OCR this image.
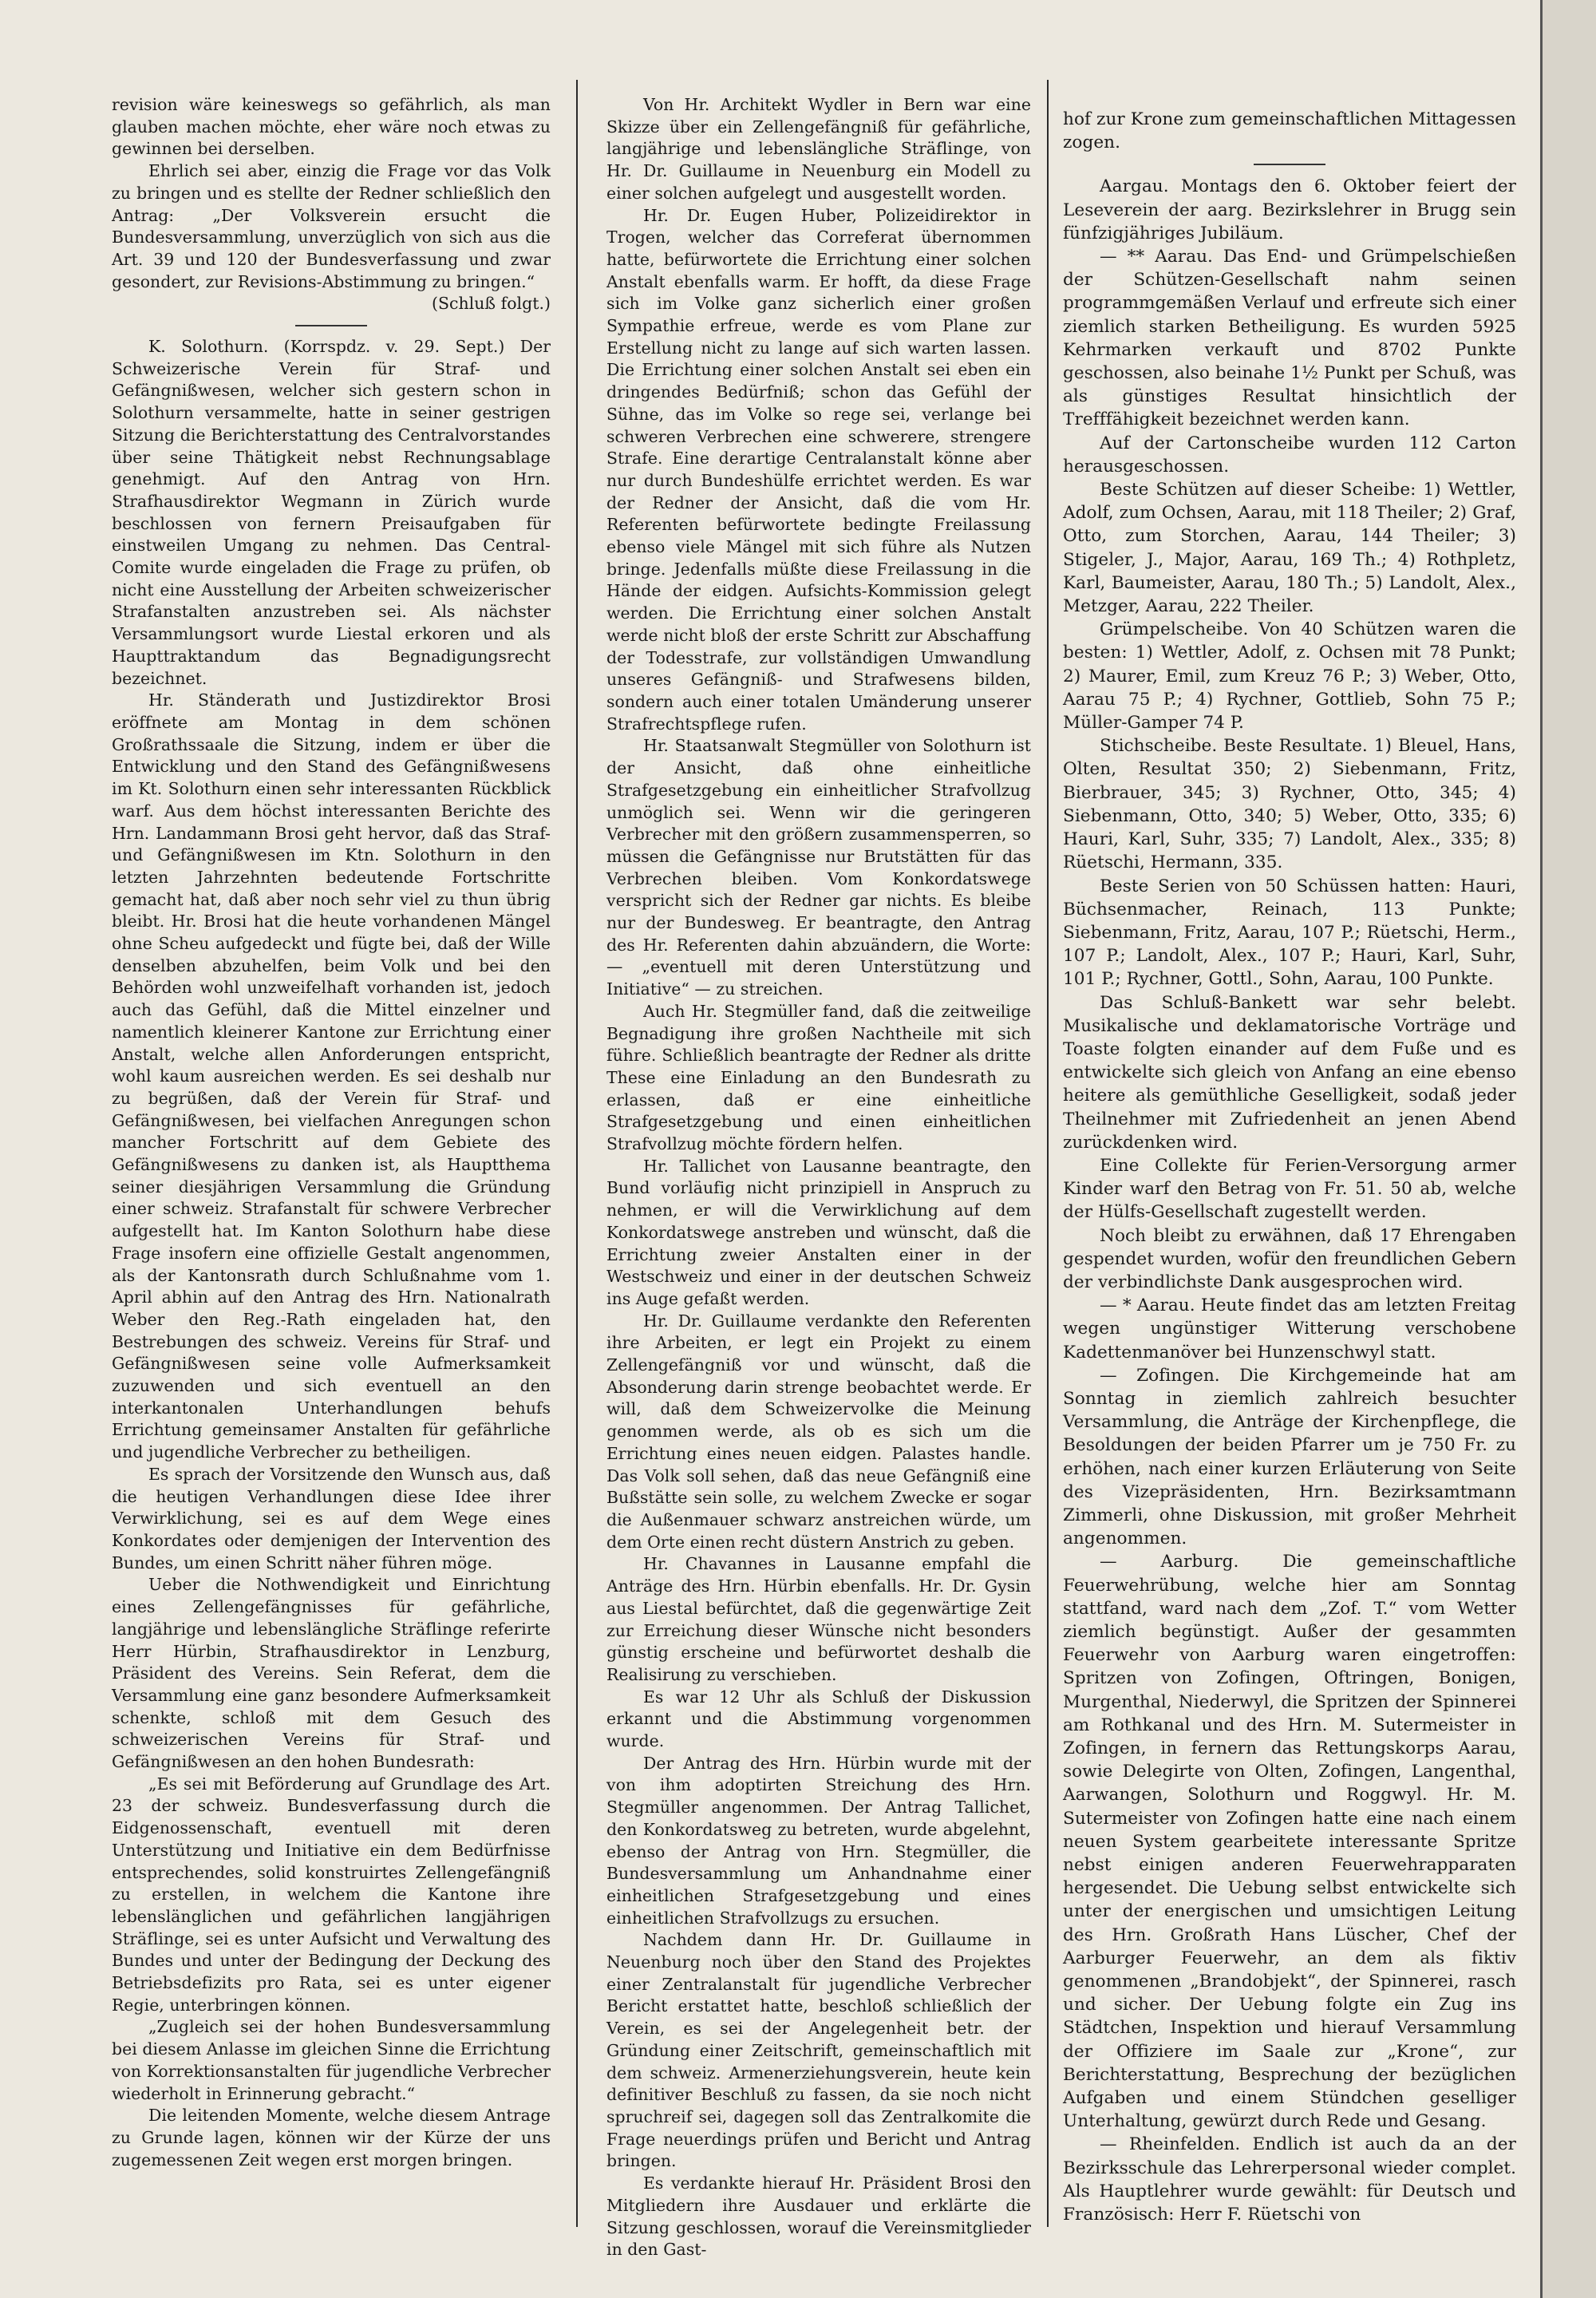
revision wäre keineswegs so gefährlich, als man glauben machen möchte, eher wäre noch etwas zu gewinnen bei derselben.

Ehrlich sei aber, einzig die Frage vor das Volk zu bringen und es stellte der Redner schließlich den Antrag: „Der Volksverein ersucht die Bundesversammlung, unverzüglich von sich aus die Art. 39 und 120 der Bundesverfassung und zwar gesondert, zur Revisions-Abstimmung zu bringen.“

(Schluß folgt.)

K. Solothurn. (Korrspdz. v. 29. Sept.) Der Schweizerische Verein für Straf- und Gefängnißwesen, welcher sich gestern schon in Solothurn versammelte, hatte in seiner gestrigen Sitzung die Berichterstattung des Centralvorstandes über seine Thätigkeit nebst Rechnungsablage genehmigt. Auf den Antrag von Hrn. Strafhausdirektor Wegmann in Zürich wurde beschlossen von fernern Preisaufgaben für einstweilen Umgang zu nehmen. Das Central-Comite wurde eingeladen die Frage zu prüfen, ob nicht eine Ausstellung der Arbeiten schweizerischer Strafanstalten anzustreben sei. Als nächster Versammlungsort wurde Liestal erkoren und als Haupttraktandum das Begnadigungsrecht bezeichnet.

Hr. Ständerath und Justizdirektor Brosi eröffnete am Montag in dem schönen Großrathssaale die Sitzung, indem er über die Entwicklung und den Stand des Gefängnißwesens im Kt. Solothurn einen sehr interessanten Rückblick warf. Aus dem höchst interessanten Berichte des Hrn. Landammann Brosi geht hervor, daß das Straf- und Gefängnißwesen im Ktn. Solothurn in den letzten Jahrzehnten bedeutende Fortschritte gemacht hat, daß aber noch sehr viel zu thun übrig bleibt. Hr. Brosi hat die heute vorhandenen Mängel ohne Scheu aufgedeckt und fügte bei, daß der Wille denselben abzuhelfen, beim Volk und bei den Behörden wohl unzweifelhaft vorhanden ist, jedoch auch das Gefühl, daß die Mittel einzelner und namentlich kleinerer Kantone zur Errichtung einer Anstalt, welche allen Anforderungen entspricht, wohl kaum ausreichen werden. Es sei deshalb nur zu begrüßen, daß der Verein für Straf- und Gefängnißwesen, bei vielfachen Anregungen schon mancher Fortschritt auf dem Gebiete des Gefängnißwesens zu danken ist, als Hauptthema seiner diesjährigen Versammlung die Gründung einer schweiz. Strafanstalt für schwere Verbrecher aufgestellt hat. Im Kanton Solothurn habe diese Frage insofern eine offizielle Gestalt angenommen, als der Kantonsrath durch Schlußnahme vom 1. April abhin auf den Antrag des Hrn. Nationalrath Weber den Reg.-Rath eingeladen hat, den Bestrebungen des schweiz. Vereins für Straf- und Gefängnißwesen seine volle Aufmerksamkeit zuzuwenden und sich eventuell an den interkantonalen Unterhandlungen behufs Errichtung gemeinsamer Anstalten für gefährliche und jugendliche Verbrecher zu betheiligen.

Es sprach der Vorsitzende den Wunsch aus, daß die heutigen Verhandlungen diese Idee ihrer Verwirklichung, sei es auf dem Wege eines Konkordates oder demjenigen der Intervention des Bundes, um einen Schritt näher führen möge.

Ueber die Nothwendigkeit und Einrichtung eines Zellengefängnisses für gefährliche, langjährige und lebenslängliche Sträflinge referirte Herr Hürbin, Strafhausdirektor in Lenzburg, Präsident des Vereins. Sein Referat, dem die Versammlung eine ganz besondere Aufmerksamkeit schenkte, schloß mit dem Gesuch des schweizerischen Vereins für Straf- und Gefängnißwesen an den hohen Bundesrath:

„Es sei mit Beförderung auf Grundlage des Art. 23 der schweiz. Bundesverfassung durch die Eidgenossenschaft, eventuell mit deren Unterstützung und Initiative ein dem Bedürfnisse entsprechendes, solid konstruirtes Zellengefängniß zu erstellen, in welchem die Kantone ihre lebenslänglichen und gefährlichen langjährigen Sträflinge, sei es unter Aufsicht und Verwaltung des Bundes und unter der Bedingung der Deckung des Betriebsdefizits pro Rata, sei es unter eigener Regie, unterbringen können.

„Zugleich sei der hohen Bundesversammlung bei diesem Anlasse im gleichen Sinne die Errichtung von Korrektionsanstalten für jugendliche Verbrecher wiederholt in Erinnerung gebracht.“

Die leitenden Momente, welche diesem Antrage zu Grunde lagen, können wir der Kürze der uns zugemessenen Zeit wegen erst morgen bringen.

Von Hr. Architekt Wydler in Bern war eine Skizze über ein Zellengefängniß für gefährliche, langjährige und lebenslängliche Sträflinge, von Hr. Dr. Guillaume in Neuenburg ein Modell zu einer solchen aufgelegt und ausgestellt worden.

Hr. Dr. Eugen Huber, Polizeidirektor in Trogen, welcher das Correferat übernommen hatte, befürwortete die Errichtung einer solchen Anstalt ebenfalls warm. Er hofft, da diese Frage sich im Volke ganz sicherlich einer großen Sympathie erfreue, werde es vom Plane zur Erstellung nicht zu lange auf sich warten lassen. Die Errichtung einer solchen Anstalt sei eben ein dringendes Bedürfniß; schon das Gefühl der Sühne, das im Volke so rege sei, verlange bei schweren Verbrechen eine schwerere, strengere Strafe. Eine derartige Centralanstalt könne aber nur durch Bundeshülfe errichtet werden. Es war der Redner der Ansicht, daß die vom Hr. Referenten befürwortete bedingte Freilassung ebenso viele Mängel mit sich führe als Nutzen bringe. Jedenfalls müßte diese Freilassung in die Hände der eidgen. Aufsichts-Kommission gelegt werden. Die Errichtung einer solchen Anstalt werde nicht bloß der erste Schritt zur Abschaffung der Todesstrafe, zur vollständigen Umwandlung unseres Gefängniß- und Strafwesens bilden, sondern auch einer totalen Umänderung unserer Strafrechtspflege rufen.

Hr. Staatsanwalt Stegmüller von Solothurn ist der Ansicht, daß ohne einheitliche Strafgesetzgebung ein einheitlicher Strafvollzug unmöglich sei. Wenn wir die geringeren Verbrecher mit den größern zusammensperren, so müssen die Gefängnisse nur Brutstätten für das Verbrechen bleiben. Vom Konkordatswege verspricht sich der Redner gar nichts. Es bleibe nur der Bundesweg. Er beantragte, den Antrag des Hr. Referenten dahin abzuändern, die Worte: — „eventuell mit deren Unterstützung und Initiative“ — zu streichen.

Auch Hr. Stegmüller fand, daß die zeitweilige Begnadigung ihre großen Nachtheile mit sich führe. Schließlich beantragte der Redner als dritte These eine Einladung an den Bundesrath zu erlassen, daß er eine einheitliche Strafgesetzgebung und einen einheitlichen Strafvollzug möchte fördern helfen.

Hr. Tallichet von Lausanne beantragte, den Bund vorläufig nicht prinzipiell in Anspruch zu nehmen, er will die Verwirklichung auf dem Konkordatswege anstreben und wünscht, daß die Errichtung zweier Anstalten einer in der Westschweiz und einer in der deutschen Schweiz ins Auge gefaßt werden.

Hr. Dr. Guillaume verdankte den Referenten ihre Arbeiten, er legt ein Projekt zu einem Zellengefängniß vor und wünscht, daß die Absonderung darin strenge beobachtet werde. Er will, daß dem Schweizervolke die Meinung genommen werde, als ob es sich um die Errichtung eines neuen eidgen. Palastes handle. Das Volk soll sehen, daß das neue Gefängniß eine Bußstätte sein solle, zu welchem Zwecke er sogar die Außenmauer schwarz anstreichen würde, um dem Orte einen recht düstern Anstrich zu geben.

Hr. Chavannes in Lausanne empfahl die Anträge des Hrn. Hürbin ebenfalls. Hr. Dr. Gysin aus Liestal befürchtet, daß die gegenwärtige Zeit zur Erreichung dieser Wünsche nicht besonders günstig erscheine und befürwortet deshalb die Realisirung zu verschieben.

Es war 12 Uhr als Schluß der Diskussion erkannt und die Abstimmung vorgenommen wurde.

Der Antrag des Hrn. Hürbin wurde mit der von ihm adoptirten Streichung des Hrn. Stegmüller angenommen. Der Antrag Tallichet, den Konkordatsweg zu betreten, wurde abgelehnt, ebenso der Antrag von Hrn. Stegmüller, die Bundesversammlung um Anhandnahme einer einheitlichen Strafgesetzgebung und eines einheitlichen Strafvollzugs zu ersuchen.

Nachdem dann Hr. Dr. Guillaume in Neuenburg noch über den Stand des Projektes einer Zentralanstalt für jugendliche Verbrecher Bericht erstattet hatte, beschloß schließlich der Verein, es sei der Angelegenheit betr. der Gründung einer Zeitschrift, gemeinschaftlich mit dem schweiz. Armenerziehungsverein, heute kein definitiver Beschluß zu fassen, da sie noch nicht spruchreif sei, dagegen soll das Zentralkomite die Frage neuerdings prüfen und Bericht und Antrag bringen.

Es verdankte hierauf Hr. Präsident Brosi den Mitgliedern ihre Ausdauer und erklärte die Sitzung geschlossen, worauf die Vereinsmitglieder in den Gast-

hof zur Krone zum gemeinschaftlichen Mittagessen zogen.

Aargau. Montags den 6. Oktober feiert der Leseverein der aarg. Bezirkslehrer in Brugg sein fünfzigjähriges Jubiläum.

— ** Aarau. Das End- und Grümpelschießen der Schützen-Gesellschaft nahm seinen programmgemäßen Verlauf und erfreute sich einer ziemlich starken Betheiligung. Es wurden 5925 Kehrmarken verkauft und 8702 Punkte geschossen, also beinahe 1½ Punkt per Schuß, was als günstiges Resultat hinsichtlich der Trefffähigkeit bezeichnet werden kann.

Auf der Cartonscheibe wurden 112 Carton herausgeschossen.

Beste Schützen auf dieser Scheibe: 1) Wettler, Adolf, zum Ochsen, Aarau, mit 118 Theiler; 2) Graf, Otto, zum Storchen, Aarau, 144 Theiler; 3) Stigeler, J., Major, Aarau, 169 Th.; 4) Rothpletz, Karl, Baumeister, Aarau, 180 Th.; 5) Landolt, Alex., Metzger, Aarau, 222 Theiler.

Grümpelscheibe. Von 40 Schützen waren die besten: 1) Wettler, Adolf, z. Ochsen mit 78 Punkt; 2) Maurer, Emil, zum Kreuz 76 P.; 3) Weber, Otto, Aarau 75 P.; 4) Rychner, Gottlieb, Sohn 75 P.; Müller-Gamper 74 P.

Stichscheibe. Beste Resultate. 1) Bleuel, Hans, Olten, Resultat 350; 2) Siebenmann, Fritz, Bierbrauer, 345; 3) Rychner, Otto, 345; 4) Siebenmann, Otto, 340; 5) Weber, Otto, 335; 6) Hauri, Karl, Suhr, 335; 7) Landolt, Alex., 335; 8) Rüetschi, Hermann, 335.

Beste Serien von 50 Schüssen hatten: Hauri, Büchsenmacher, Reinach, 113 Punkte; Siebenmann, Fritz, Aarau, 107 P.; Rüetschi, Herm., 107 P.; Landolt, Alex., 107 P.; Hauri, Karl, Suhr, 101 P.; Rychner, Gottl., Sohn, Aarau, 100 Punkte.

Das Schluß-Bankett war sehr belebt. Musikalische und deklamatorische Vorträge und Toaste folgten einander auf dem Fuße und es entwickelte sich gleich von Anfang an eine ebenso heitere als gemüthliche Geselligkeit, sodaß jeder Theilnehmer mit Zufriedenheit an jenen Abend zurückdenken wird.

Eine Collekte für Ferien-Versorgung armer Kinder warf den Betrag von Fr. 51. 50 ab, welche der Hülfs-Gesellschaft zugestellt werden.

Noch bleibt zu erwähnen, daß 17 Ehrengaben gespendet wurden, wofür den freundlichen Gebern der verbindlichste Dank ausgesprochen wird.

— * Aarau. Heute findet das am letzten Freitag wegen ungünstiger Witterung verschobene Kadettenmanöver bei Hunzenschwyl statt.

— Zofingen. Die Kirchgemeinde hat am Sonntag in ziemlich zahlreich besuchter Versammlung, die Anträge der Kirchenpflege, die Besoldungen der beiden Pfarrer um je 750 Fr. zu erhöhen, nach einer kurzen Erläuterung von Seite des Vizepräsidenten, Hrn. Bezirksamtmann Zimmerli, ohne Diskussion, mit großer Mehrheit angenommen.

— Aarburg. Die gemeinschaftliche Feuerwehrübung, welche hier am Sonntag stattfand, ward nach dem „Zof. T.“ vom Wetter ziemlich begünstigt. Außer der gesammten Feuerwehr von Aarburg waren eingetroffen: Spritzen von Zofingen, Oftringen, Bonigen, Murgenthal, Niederwyl, die Spritzen der Spinnerei am Rothkanal und des Hrn. M. Sutermeister in Zofingen, in fernern das Rettungskorps Aarau, sowie Delegirte von Olten, Zofingen, Langenthal, Aarwangen, Solothurn und Roggwyl. Hr. M. Sutermeister von Zofingen hatte eine nach einem neuen System gearbeitete interessante Spritze nebst einigen anderen Feuerwehrapparaten hergesendet. Die Uebung selbst entwickelte sich unter der energischen und umsichtigen Leitung des Hrn. Großrath Hans Lüscher, Chef der Aarburger Feuerwehr, an dem als fiktiv genommenen „Brandobjekt“, der Spinnerei, rasch und sicher. Der Uebung folgte ein Zug ins Städtchen, Inspektion und hierauf Versammlung der Offiziere im Saale zur „Krone“, zur Berichterstattung, Besprechung der bezüglichen Aufgaben und einem Stündchen geselliger Unterhaltung, gewürzt durch Rede und Gesang.

— Rheinfelden. Endlich ist auch da an der Bezirksschule das Lehrerpersonal wieder complet. Als Hauptlehrer wurde gewählt: für Deutsch und Französisch: Herr F. Rüetschi von
